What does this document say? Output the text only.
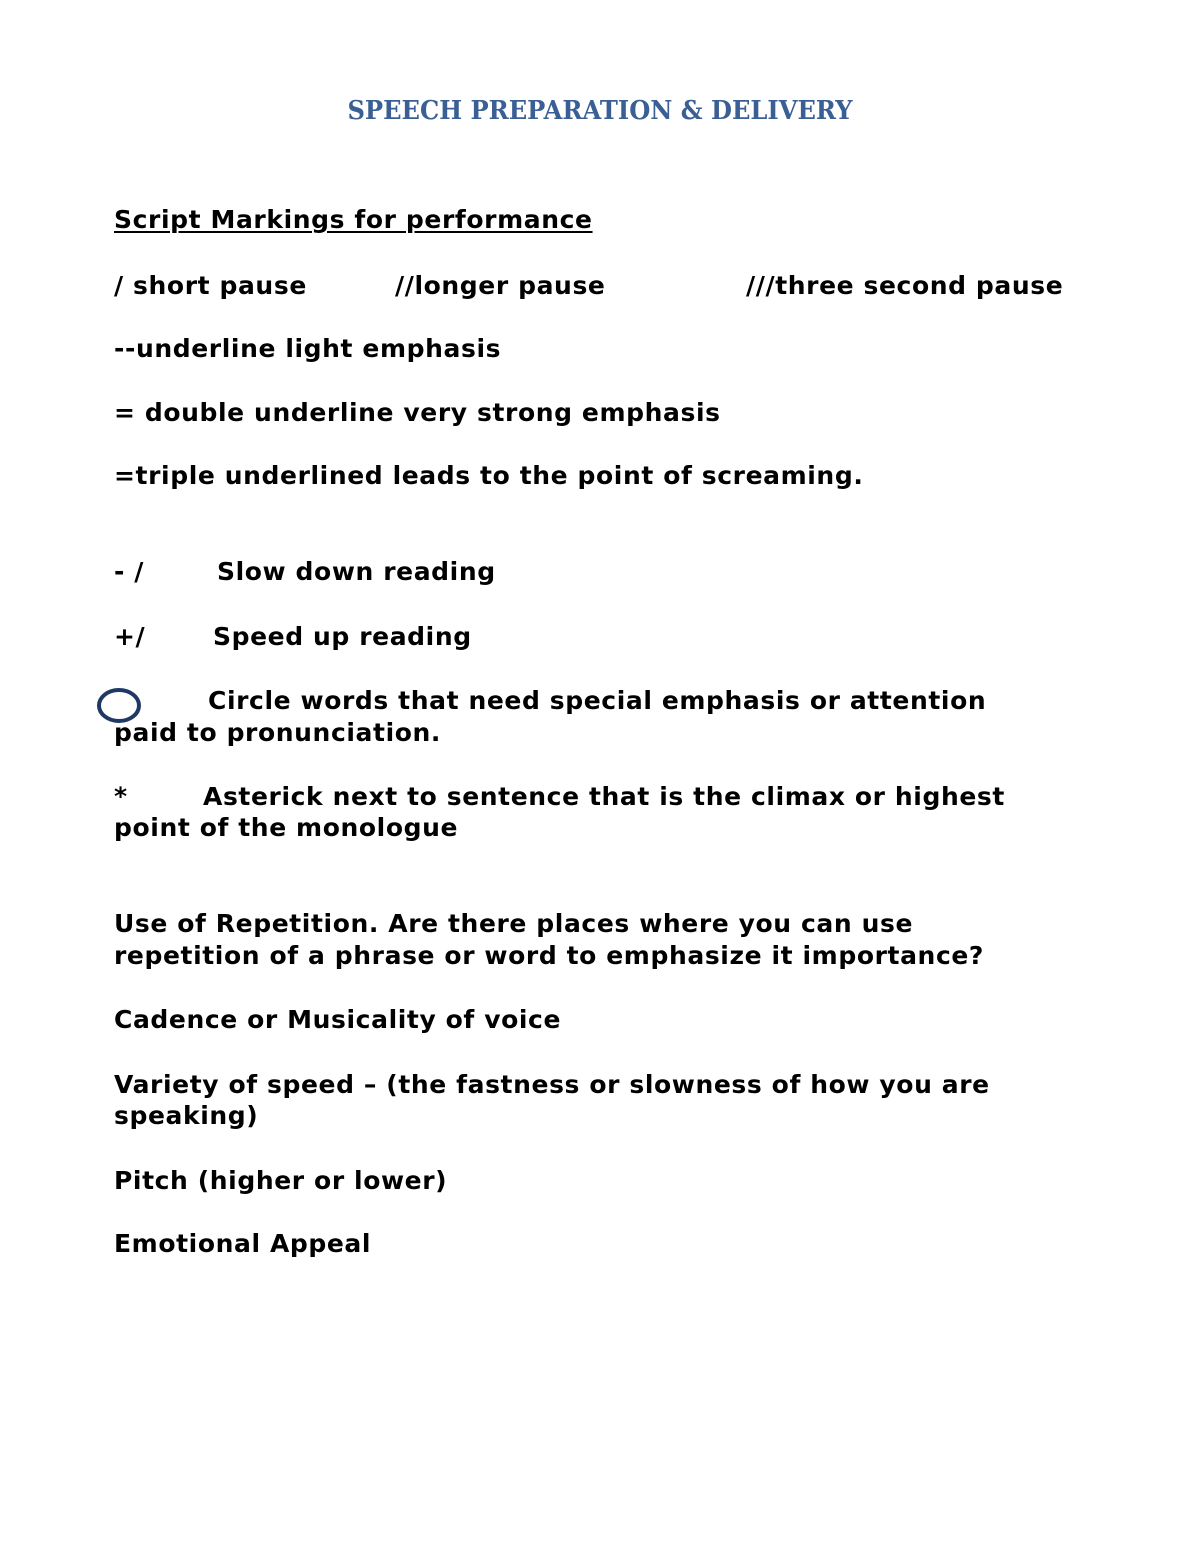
SPEECH PREPARATION & DELIVERY
Script Markings for performance
/ short pause	//longer pause	///three second pause
--underline light emphasis
= double underline very strong emphasis
=triple underlined leads to the point of screaming.
- /	Slow down reading
+/	Speed up reading
Circle words that need special emphasis or attention
paid to pronunciation.
*	Asterick next to sentence that is the climax or highest
point of the monologue
Use of Repetition. Are there places where you can use
repetition of a phrase or word to emphasize it importance?
Cadence or Musicality of voice
Variety of speed – (the fastness or slowness of how you are
speaking)
Pitch (higher or lower)
Emotional Appeal
